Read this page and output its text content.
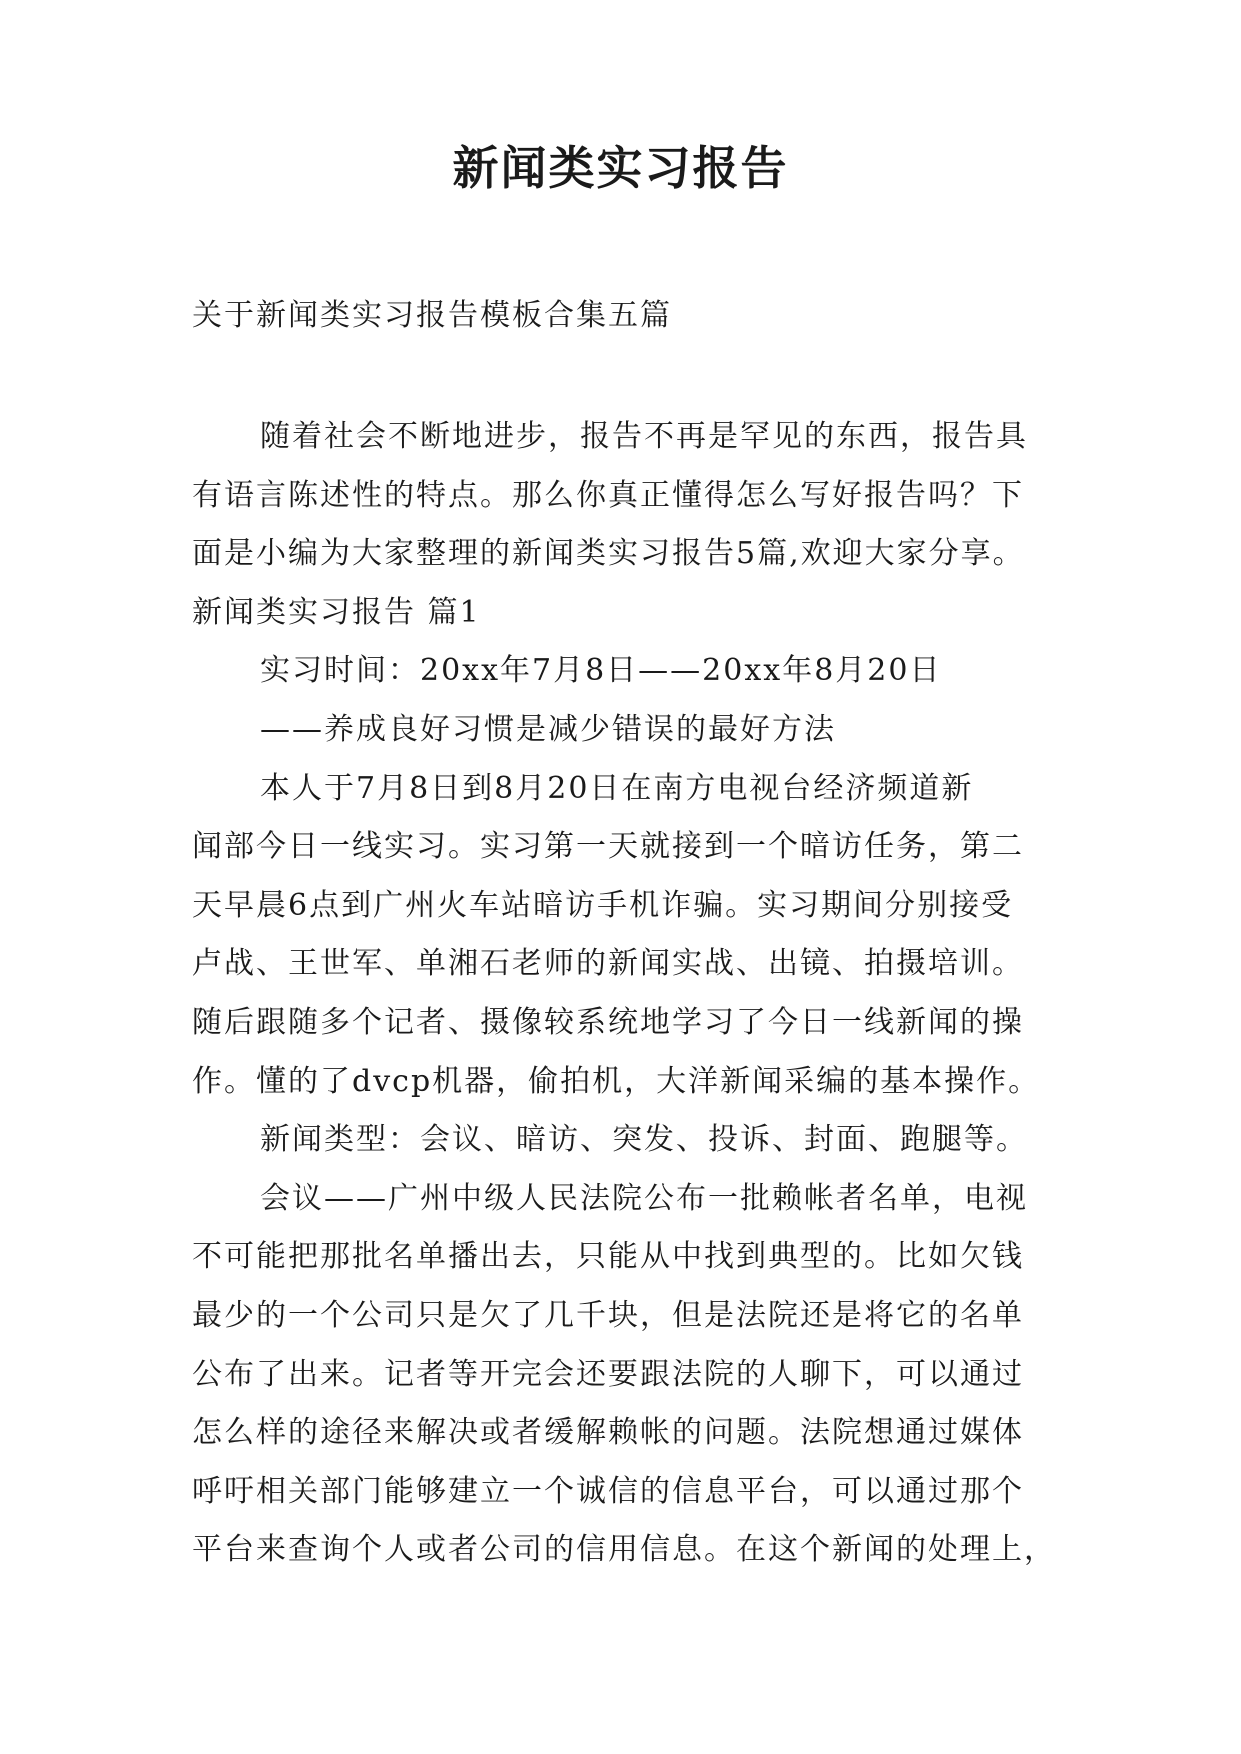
新闻类实习报告

关于新闻类实习报告模板合集五篇

随着社会不断地进步，报告不再是罕见的东西，报告具

有语言陈述性的特点。那么你真正懂得怎么写好报告吗？下

面是小编为大家整理的新闻类实习报告5篇,欢迎大家分享。

新闻类实习报告 篇1

实习时间：20xx年7月8日——20xx年8月20日

——养成良好习惯是减少错误的最好方法

本人于7月8日到8月20日在南方电视台经济频道新

闻部今日一线实习。实习第一天就接到一个暗访任务，第二

天早晨6点到广州火车站暗访手机诈骗。实习期间分别接受

卢战、王世军、单湘石老师的新闻实战、出镜、拍摄培训。

随后跟随多个记者、摄像较系统地学习了今日一线新闻的操

作。懂的了dvcp机器，偷拍机，大洋新闻采编的基本操作。

新闻类型：会议、暗访、突发、投诉、封面、跑腿等。

会议——广州中级人民法院公布一批赖帐者名单，电视

不可能把那批名单播出去，只能从中找到典型的。比如欠钱

最少的一个公司只是欠了几千块，但是法院还是将它的名单

公布了出来。记者等开完会还要跟法院的人聊下，可以通过

怎么样的途径来解决或者缓解赖帐的问题。法院想通过媒体

呼吁相关部门能够建立一个诚信的信息平台，可以通过那个

平台来查询个人或者公司的信用信息。在这个新闻的处理上，
